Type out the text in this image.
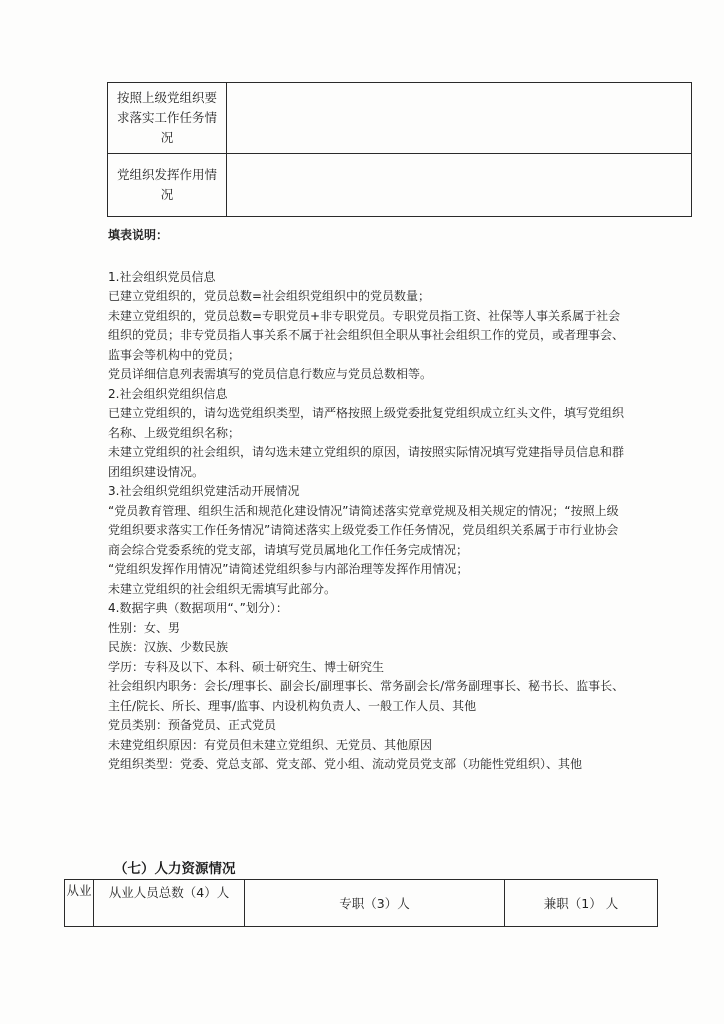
按照上级党组织要求落实工作任务情况	
党组织发挥作用情况	

填表说明：

1.社会组织党员信息

已建立党组织的，党员总数=社会组织党组织中的党员数量；

未建立党组织的，党员总数=专职党员+非专职党员。专职党员指工资、社保等人事关系属于社会组织的党员；非专党员指人事关系不属于社会组织但全职从事社会组织工作的党员，或者理事会、监事会等机构中的党员；

党员详细信息列表需填写的党员信息行数应与党员总数相等。

2.社会组织党组织信息

已建立党组织的，请勾选党组织类型，请严格按照上级党委批复党组织成立红头文件，填写党组织名称、上级党组织名称；

未建立党组织的社会组织，请勾选未建立党组织的原因，请按照实际情况填写党建指导员信息和群团组织建设情况。

3.社会组织党组织党建活动开展情况

“党员教育管理、组织生活和规范化建设情况”请简述落实党章党规及相关规定的情况；“按照上级党组织要求落实工作任务情况”请简述落实上级党委工作任务情况，党员组织关系属于市行业协会商会综合党委系统的党支部，请填写党员属地化工作任务完成情况；

“党组织发挥作用情况”请简述党组织参与内部治理等发挥作用情况；

未建立党组织的社会组织无需填写此部分。

4.数据字典（数据项用“、”划分）：

性别：女、男

民族：汉族、少数民族

学历：专科及以下、本科、硕士研究生、博士研究生

社会组织内职务：会长/理事长、副会长/副理事长、常务副会长/常务副理事长、秘书长、监事长、主任/院长、所长、理事/监事、内设机构负责人、一般工作人员、其他

党员类别：预备党员、正式党员

未建党组织原因：有党员但未建立党组织、无党员、其他原因

党组织类型：党委、党总支部、党支部、党小组、流动党员党支部（功能性党组织）、其他

（七）人力资源情况
从业	从业人员总数（4）人	专职（3）人	兼职（1） 人
